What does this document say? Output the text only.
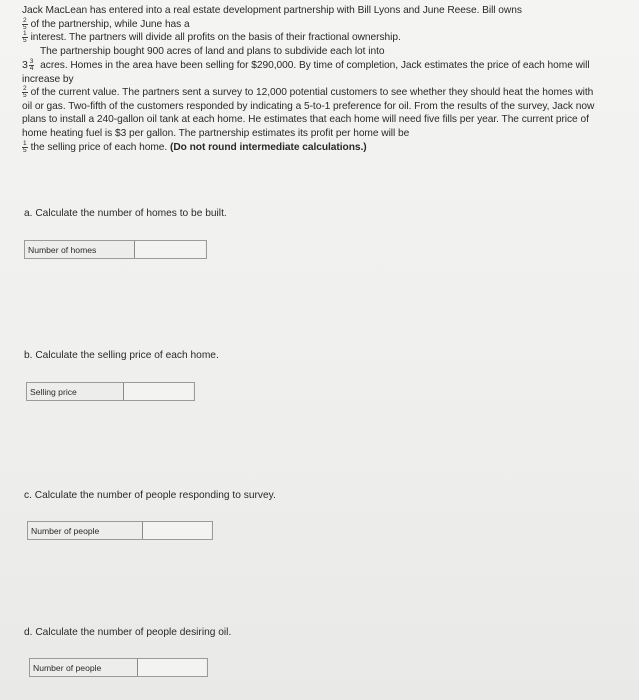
Jack MacLean has entered into a real estate development partnership with Bill Lyons and June Reese. Bill owns

$\frac{2}{5}$ of the partnership, while June has a

$\frac{1}{5}$ interest. The partners will divide all profits on the basis of their fractional ownership.

The partnership bought 900 acres of land and plans to subdivide each lot into

$3 \frac{3}{4}$ acres. Homes in the area have been selling for $290,000. By time of completion, Jack estimates the price of each home will increase by

$\frac{2}{5}$ of the current value. The partners sent a survey to 12,000 potential customers to see whether they should heat the homes with oil or gas. Two-fifth of the customers responded by indicating a 5-to-1 preference for oil. From the results of the survey, Jack now plans to install a 240-gallon oil tank at each home. He estimates that each home will need five fills per year. The current price of home heating fuel is $3 per gallon. The partnership estimates its profit per home will be

$\frac{1}{5}$ the selling price of each home. (Do not round intermediate calculations.)

a. Calculate the number of homes to be built.
Number of homes
b. Calculate the selling price of each home.
Selling price
c. Calculate the number of people responding to survey.
Number of people
d. Calculate the number of people desiring oil.
Number of people
